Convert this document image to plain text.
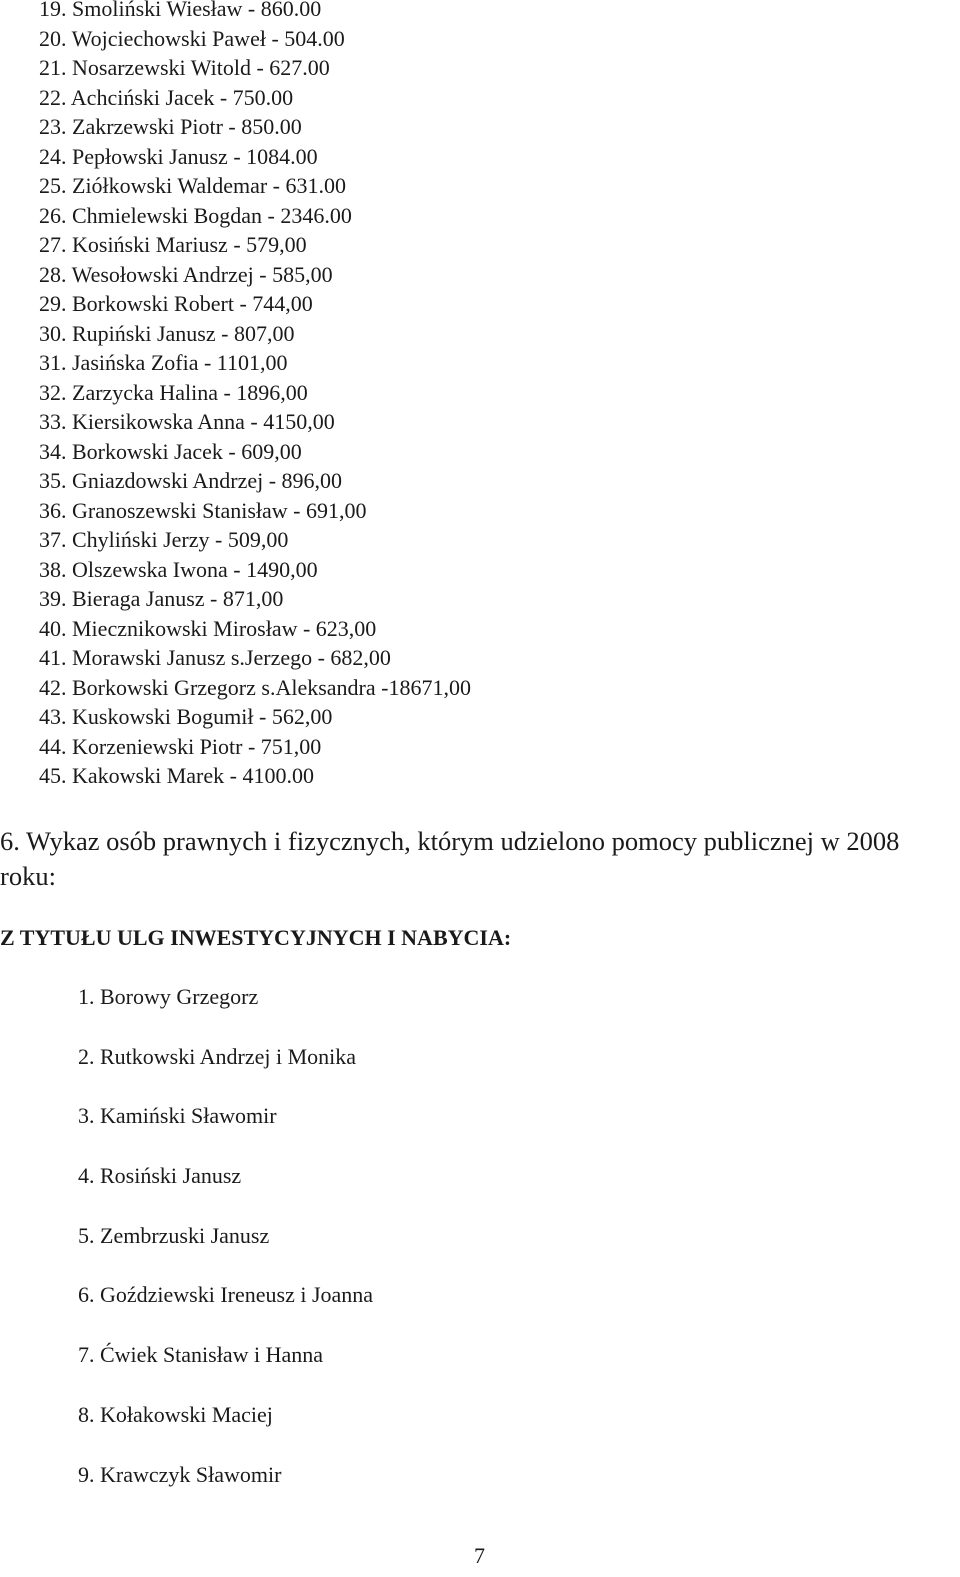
19. Smoliński Wiesław - 860.00
20. Wojciechowski Paweł - 504.00
21. Nosarzewski Witold - 627.00
22. Achciński Jacek - 750.00
23. Zakrzewski Piotr - 850.00
24. Pepłowski Janusz - 1084.00
25. Ziółkowski Waldemar - 631.00
26. Chmielewski Bogdan - 2346.00
27. Kosiński Mariusz - 579,00
28. Wesołowski Andrzej - 585,00
29. Borkowski Robert - 744,00
30. Rupiński Janusz - 807,00
31. Jasińska Zofia - 1101,00
32. Zarzycka Halina - 1896,00
33. Kiersikowska Anna - 4150,00
34. Borkowski Jacek - 609,00
35. Gniazdowski Andrzej - 896,00
36. Granoszewski Stanisław - 691,00
37. Chyliński Jerzy - 509,00
38. Olszewska Iwona - 1490,00
39. Bieraga Janusz - 871,00
40. Miecznikowski Mirosław - 623,00
41. Morawski Janusz s.Jerzego - 682,00
42. Borkowski Grzegorz s.Aleksandra -18671,00
43. Kuskowski Bogumił - 562,00
44. Korzeniewski Piotr - 751,00
45. Kakowski Marek - 4100.00
6. Wykaz osób prawnych i fizycznych, którym udzielono pomocy publicznej w 2008 roku:
Z TYTUŁU ULG INWESTYCYJNYCH I NABYCIA:
1. Borowy Grzegorz
2. Rutkowski Andrzej i Monika
3. Kamiński Sławomir
4. Rosiński Janusz
5. Zembrzuski Janusz
6. Goździewski Ireneusz i Joanna
7. Ćwiek Stanisław i Hanna
8. Kołakowski Maciej
9. Krawczyk Sławomir
7
